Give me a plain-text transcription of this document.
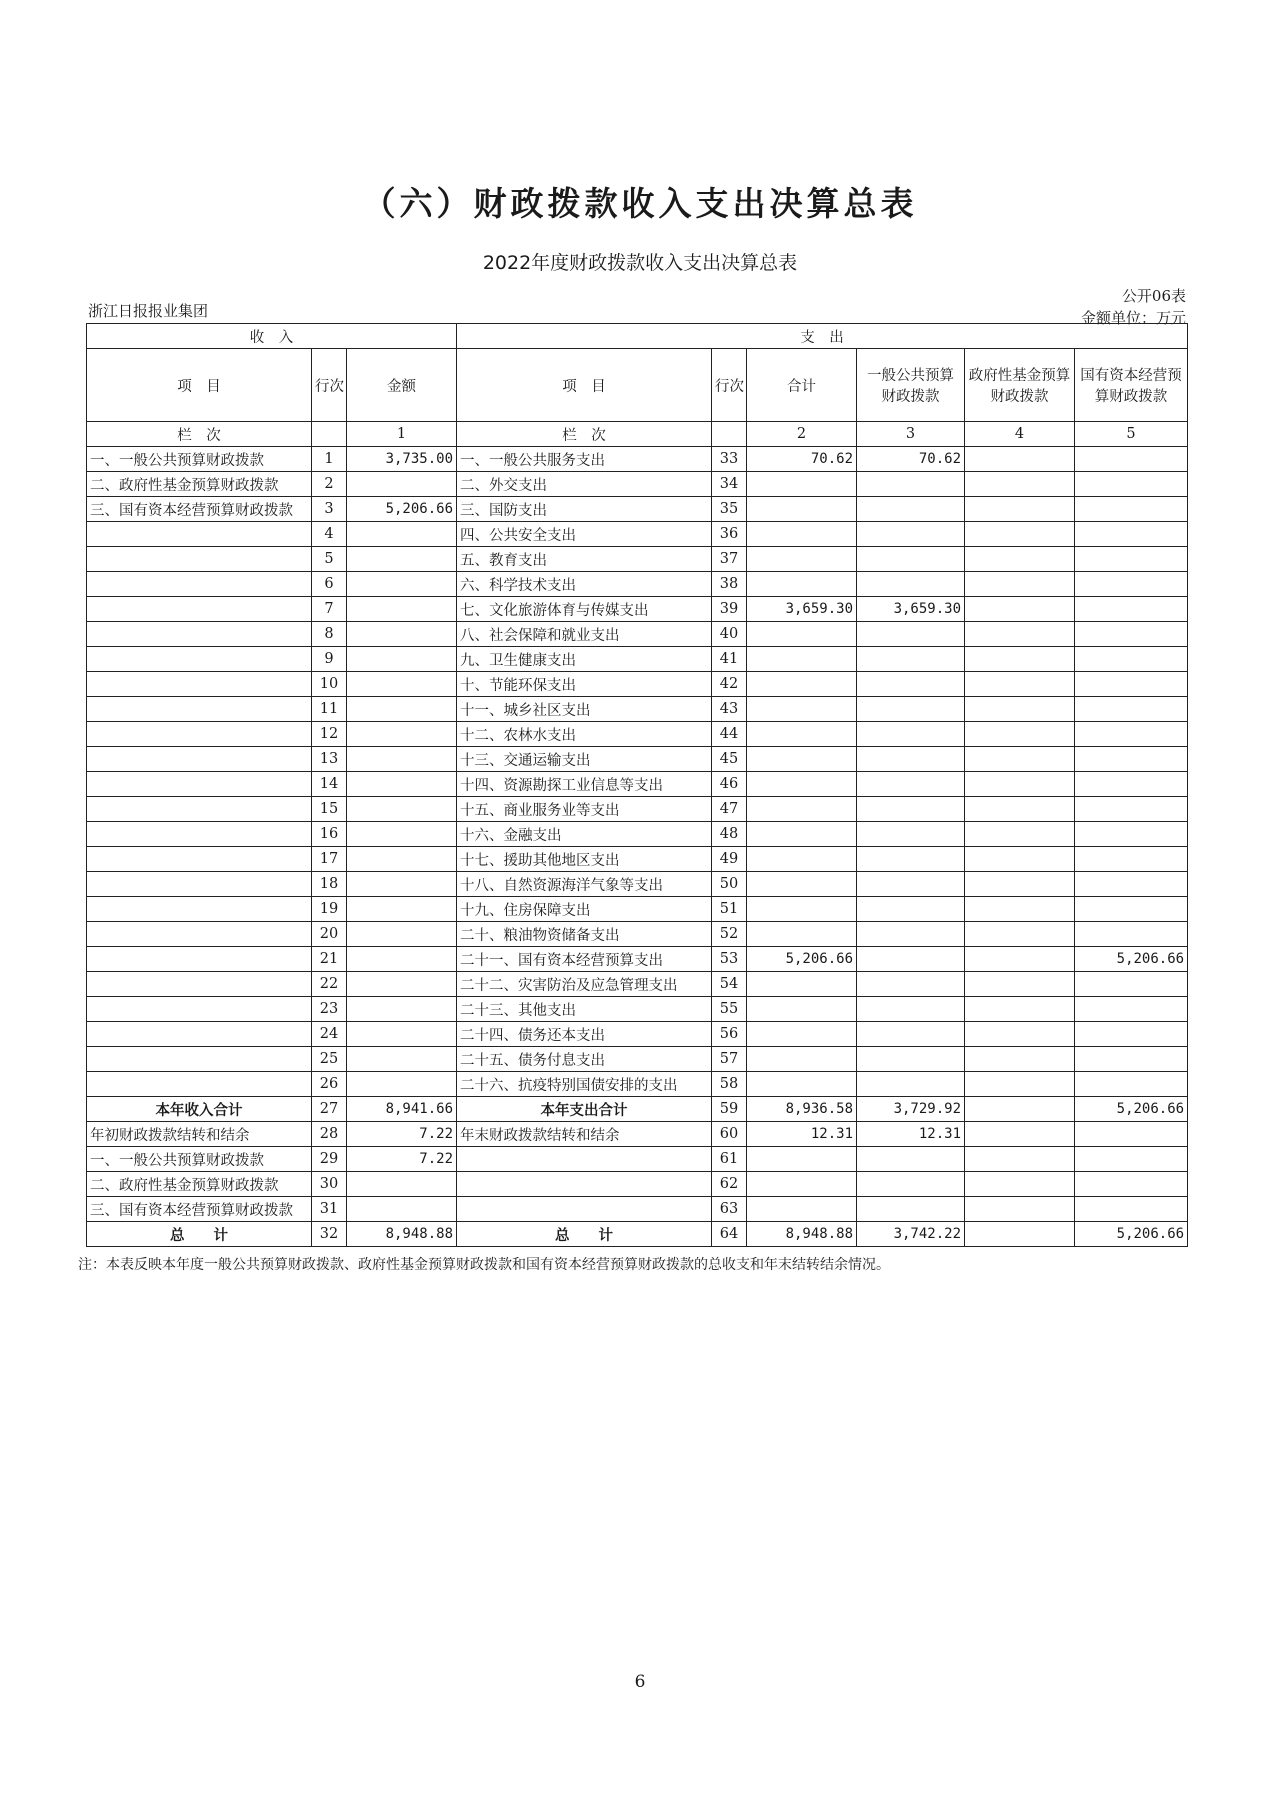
（六）财政拨款收入支出决算总表
2022年度财政拨款收入支出决算总表
公开06表
浙江日报报业集团	金额单位：万元
收　入			支　出					
项　目	行次	金额	项　目	行次	合计	一般公共预算财政拨款	政府性基金预算财政拨款	国有资本经营预算财政拨款
栏　次		1	栏　次		2	3	4	5
一、一般公共预算财政拨款	1	3,735.00	一、一般公共服务支出	33	70.62	70.62		
二、政府性基金预算财政拨款	2		二、外交支出	34				
三、国有资本经营预算财政拨款	3	5,206.66	三、国防支出	35				
	4		四、公共安全支出	36				
	5		五、教育支出	37				
	6		六、科学技术支出	38				
	7		七、文化旅游体育与传媒支出	39	3,659.30	3,659.30		
	8		八、社会保障和就业支出	40				
	9		九、卫生健康支出	41				
	10		十、节能环保支出	42				
	11		十一、城乡社区支出	43				
	12		十二、农林水支出	44				
	13		十三、交通运输支出	45				
	14		十四、资源勘探工业信息等支出	46				
	15		十五、商业服务业等支出	47				
	16		十六、金融支出	48				
	17		十七、援助其他地区支出	49				
	18		十八、自然资源海洋气象等支出	50				
	19		十九、住房保障支出	51				
	20		二十、粮油物资储备支出	52				
	21		二十一、国有资本经营预算支出	53	5,206.66			5,206.66
	22		二十二、灾害防治及应急管理支出	54				
	23		二十三、其他支出	55				
	24		二十四、债务还本支出	56				
	25		二十五、债务付息支出	57				
	26		二十六、抗疫特别国债安排的支出	58				
本年收入合计	27	8,941.66	本年支出合计	59	8,936.58	3,729.92		5,206.66
年初财政拨款结转和结余	28	7.22	年末财政拨款结转和结余	60	12.31	12.31		
一、一般公共预算财政拨款	29	7.22		61				
二、政府性基金预算财政拨款	30			62				
三、国有资本经营预算财政拨款	31			63				
总　　计	32	8,948.88	总　　计	64	8,948.88	3,742.22		5,206.66
注：本表反映本年度一般公共预算财政拨款、政府性基金预算财政拨款和国有资本经营预算财政拨款的总收支和年末结转结余情况。
6
